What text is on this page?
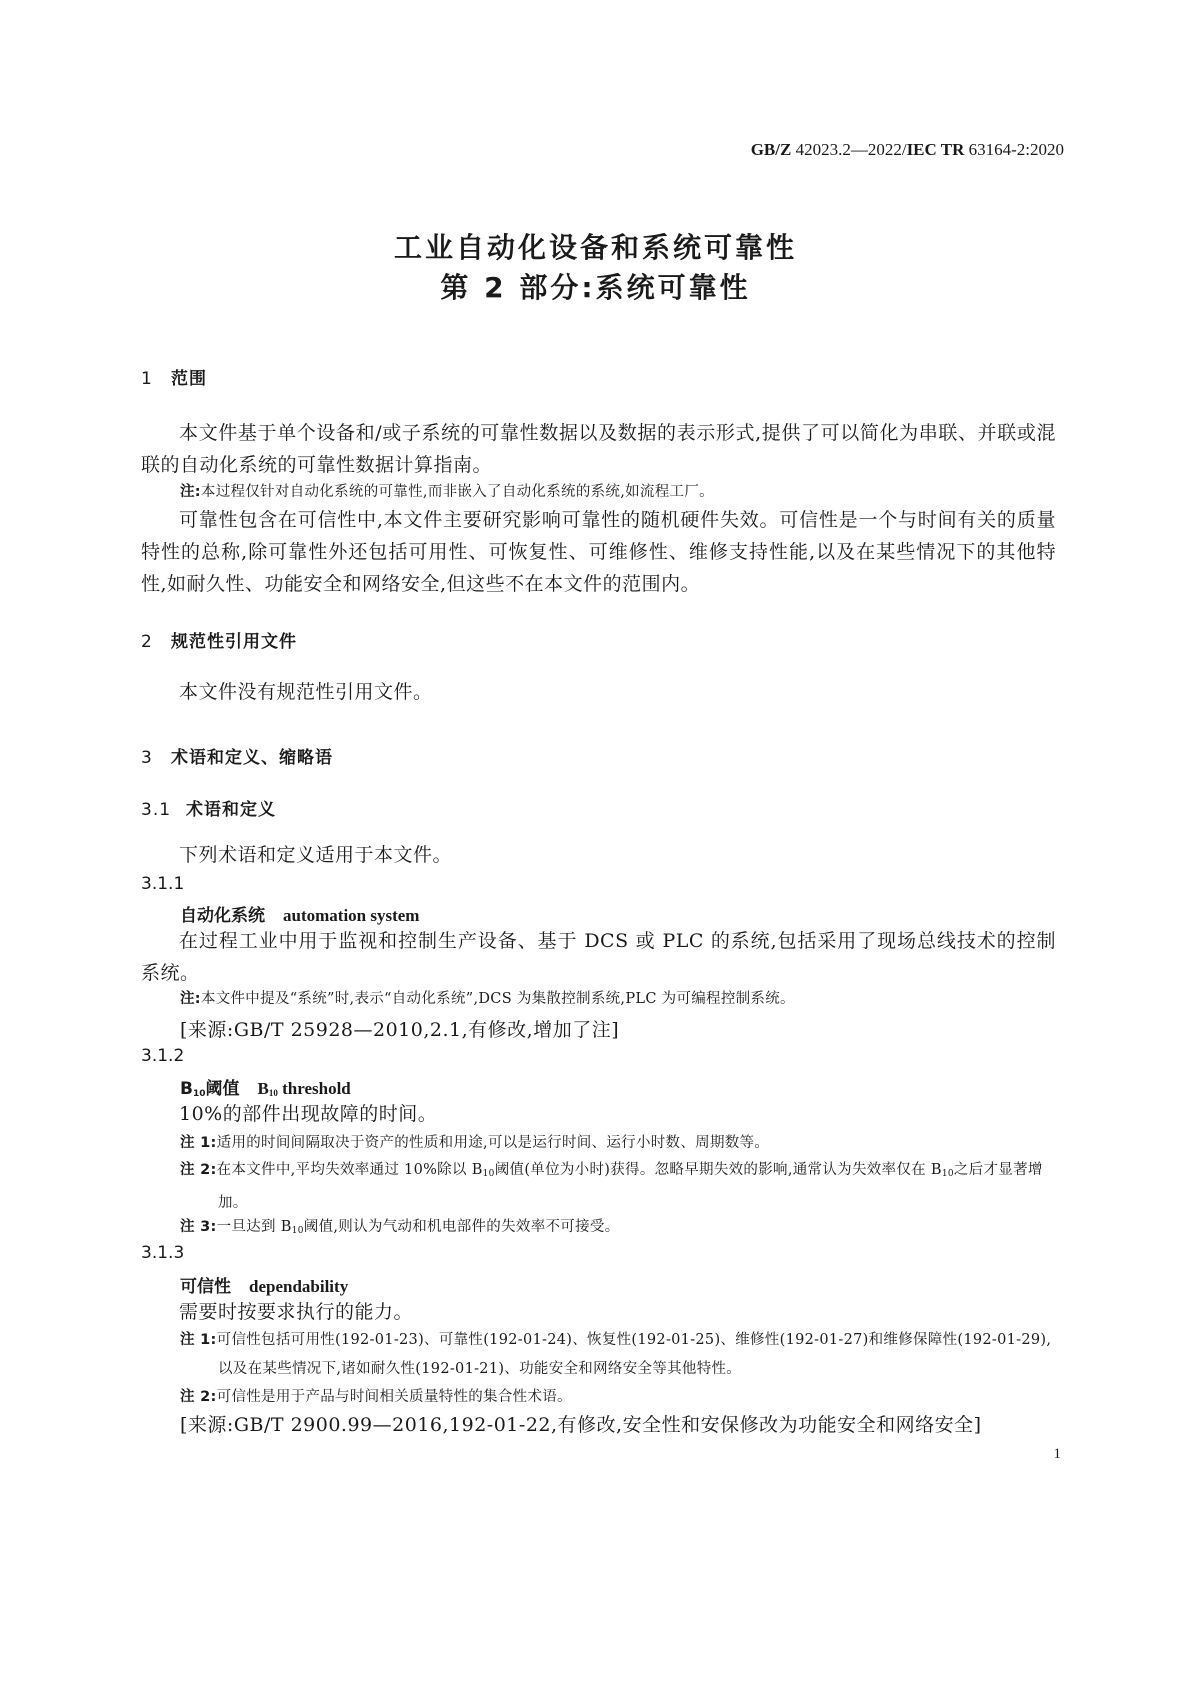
GB/Z 42023.2—2022/IEC TR 63164-2:2020
工业自动化设备和系统可靠性
第 2 部分:系统可靠性
1 范围
本文件基于单个设备和/或子系统的可靠性数据以及数据的表示形式,提供了可以简化为串联、并联或混联的自动化系统的可靠性数据计算指南。
注:本过程仅针对自动化系统的可靠性,而非嵌入了自动化系统的系统,如流程工厂。
可靠性包含在可信性中,本文件主要研究影响可靠性的随机硬件失效。可信性是一个与时间有关的质量特性的总称,除可靠性外还包括可用性、可恢复性、可维修性、维修支持性能,以及在某些情况下的其他特性,如耐久性、功能安全和网络安全,但这些不在本文件的范围内。
2 规范性引用文件
本文件没有规范性引用文件。
3 术语和定义、缩略语
3.1 术语和定义
下列术语和定义适用于本文件。
3.1.1
自动化系统 automation system
在过程工业中用于监视和控制生产设备、基于 DCS 或 PLC 的系统,包括采用了现场总线技术的控制系统。
注:本文件中提及“系统”时,表示“自动化系统”,DCS 为集散控制系统,PLC 为可编程控制系统。
[来源:GB/T 25928—2010,2.1,有修改,增加了注]
3.1.2
$B_{10}$阈值 $B_{10}$ threshold
10%的部件出现故障的时间。
注 1:适用的时间间隔取决于资产的性质和用途,可以是运行时间、运行小时数、周期数等。
注 2:在本文件中,平均失效率通过 10%除以 $B_{10}$阈值(单位为小时)获得。忽略早期失效的影响,通常认为失效率仅在 $B_{10}$之后才显著增加。
注 3:一旦达到 $B_{10}$阈值,则认为气动和机电部件的失效率不可接受。
3.1.3
可信性 dependability
需要时按要求执行的能力。
注 1:可信性包括可用性(192-01-23)、可靠性(192-01-24)、恢复性(192-01-25)、维修性(192-01-27)和维修保障性(192-01-29),以及在某些情况下,诸如耐久性(192-01-21)、功能安全和网络安全等其他特性。
注 2:可信性是用于产品与时间相关质量特性的集合性术语。
[来源:GB/T 2900.99—2016,192-01-22,有修改,安全性和安保修改为功能安全和网络安全]
1
